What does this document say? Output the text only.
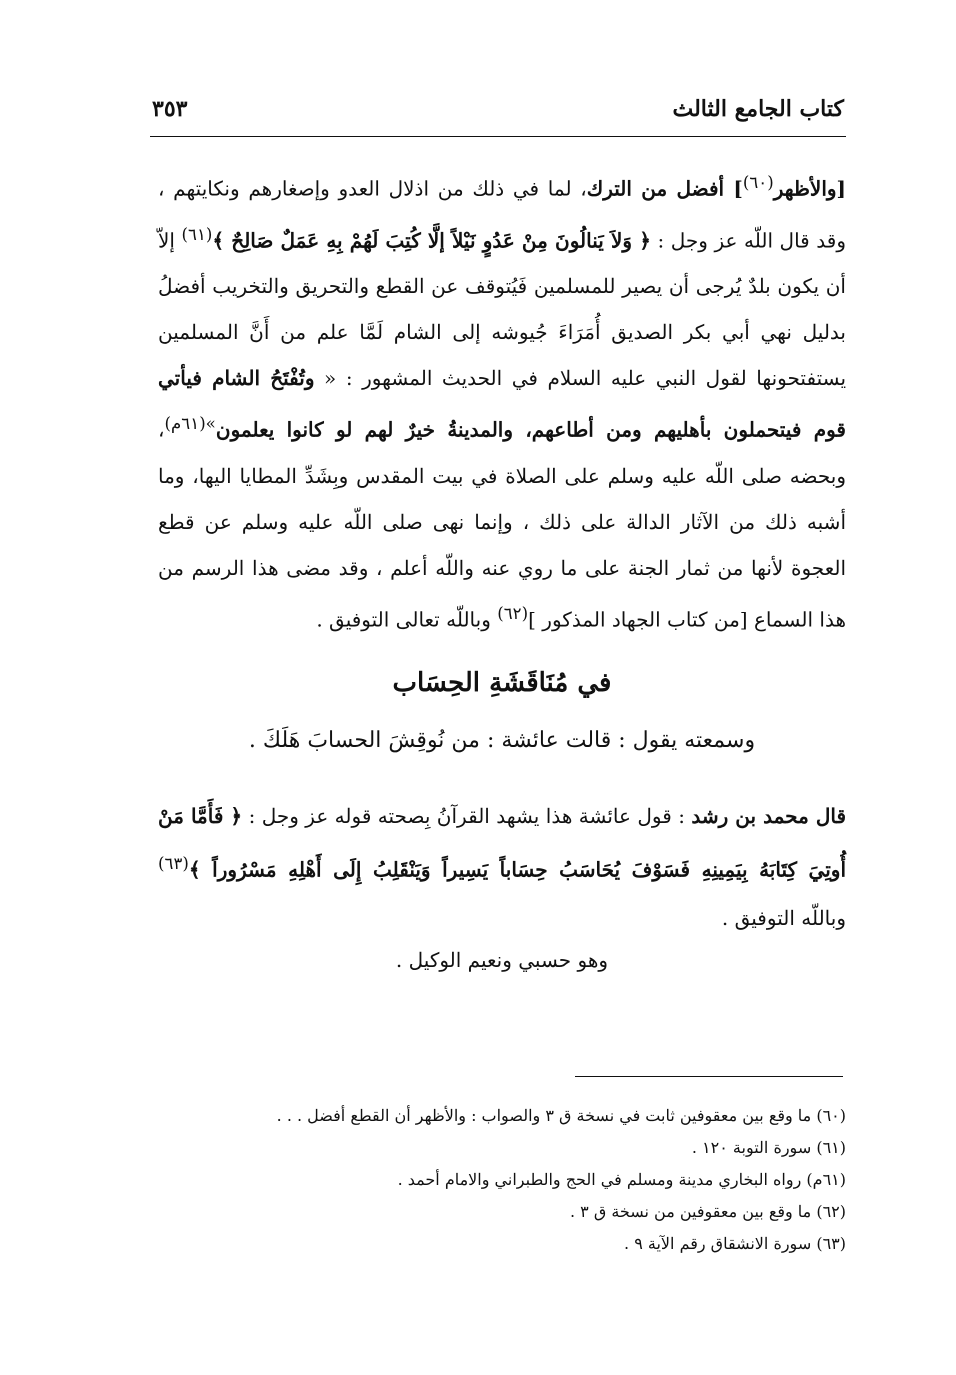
كتاب الجامع الثالث
٣٥٣

[والأظهر$^{(٦٠)}$] أفضل من الترك، لما في ذلك من اذلال العدو وإصغارهم ونكايتهم ، وقد قال اللّه عز وجل : ﴿ وَلاَ يَنالُونَ مِنْ عَدُوٍ نَيْلاً إلَّا كُتِبَ لَهُمْ بِهِ عَمَلٌ صَالِحٌ ﴾$^{(٦١)}$ إلاّ أن يكون بلدٌ يُرجى أن يصير للمسلمين فَيُتوقف عن القطع والتحريق والتخريب أفضلُ بدليل نهي أبي بكر الصديق أُمَرَاءَ جُيوشه إلى الشام لَمَّا علم من أَنَّ المسلمين يستفتحونها لقول النبي عليه السلام في الحديث المشهور : « وتُفْتَحُ الشام فيأتي قوم فيتحملون بأهليهم ومن أطاعهم، والمدينةُ خيرٌ لهم لو كانوا يعلمون$^{»(٦١م)}$، وبحضه صلى اللّه عليه وسلم على الصلاة في بيت المقدس وبِشَدِّ المطايا اليها، وما أشبه ذلك من الآثار الدالة على ذلك ، وإنما نهى صلى اللّه عليه وسلم عن قطع العجوة لأنها من ثمار الجنة على ما روي عنه واللّه أعلم ، وقد مضى هذا الرسم من هذا السماع [من كتاب الجهاد المذكور ]$^{(٦٢)}$ وباللّه تعالى التوفيق .

في مُنَاقَشَةِ الحِسَاب
وسمعته يقول : قالت عائشة : من نُوقِشَ الحسابَ هَلَكَ .

قال محمد بن رشد : قول عائشة هذا يشهد القرآنُ بِصحته قوله عز وجل : ﴿ فَأَمَّا مَنْ أُوتِيَ كِتَابَهُ بِيَمِينِهِ فَسَوْفَ يُحَاسَبُ حِسَاباً يَسِيراً وَيَنْقَلِبُ إِلَى أَهْلِهِ مَسْرُوراً ﴾$^{(٦٣)}$ وباللّه التوفيق .

وهو حسبي ونعيم الوكيل .
(٦٠) ما وقع بين معقوفين ثابت في نسخة ق ٣ والصواب : والأظهر أن القطع أفضل . . .
(٦١) سورة التوبة ١٢٠ .
(٦١م) رواه البخاري مدينة ومسلم في الحج والطبراني والامام أحمد .
(٦٢) ما وقع بين معقوفين من نسخة ق ٣ .
(٦٣) سورة الانشقاق رقم الآية ٩ .
